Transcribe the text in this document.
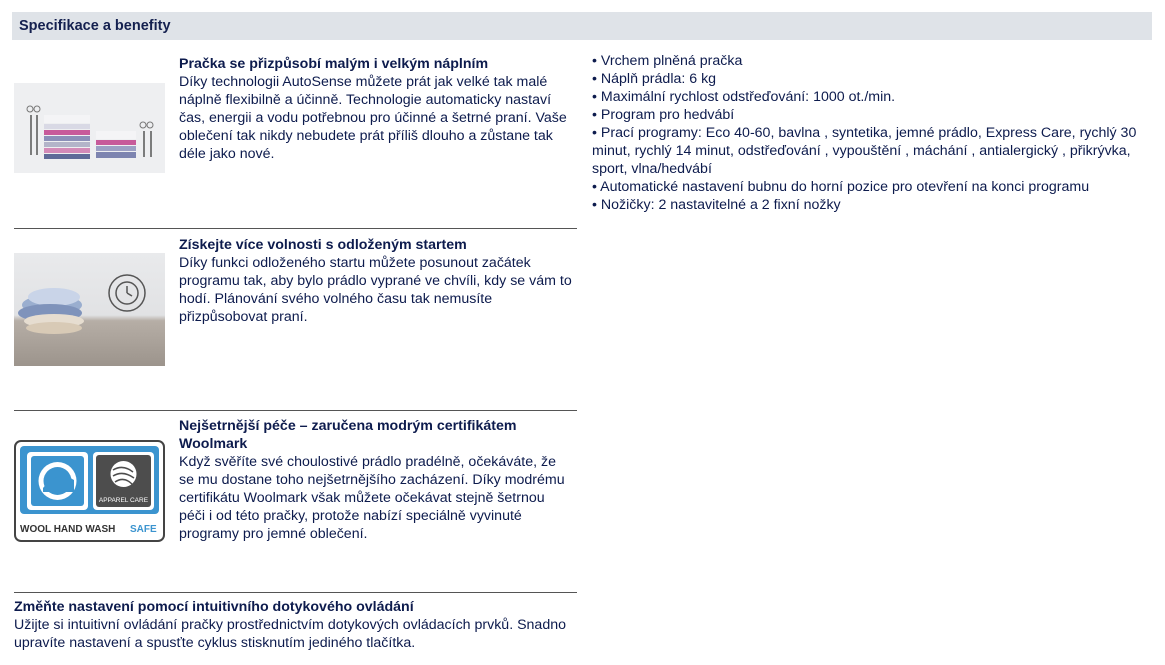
Specifikace a benefity
Pračka se přizpůsobí malým i velkým náplním
Díky technologii AutoSense můžete prát jak velké tak malé náplně flexibilně a účinně. Technologie automaticky nastaví čas, energii a vodu potřebnou pro účinné a šetrné praní. Vaše oblečení tak nikdy nebudete prát příliš dlouho a zůstane tak déle jako nové.
Získejte více volnosti s odloženým startem
Díky funkci odloženého startu můžete posunout začátek programu tak, aby bylo prádlo vyprané ve chvíli, kdy se vám to hodí. Plánování svého volného času tak nemusíte přizpůsobovat praní.
APPAREL CARE
WOOL HAND WASH SAFE
Nejšetrnější péče – zaručena modrým certifikátem Woolmark
Když svěříte své choulostivé prádlo pradélně, očekáváte, že se mu dostane toho nejšetrnějšího zacházení. Díky modrému certifikátu Woolmark však můžete očekávat stejně šetrnou péči i od této pračky, protože nabízí speciálně vyvinuté programy pro jemné oblečení.
Změňte nastavení pomocí intuitivního dotykového ovládání
Užijte si intuitivní ovládání pračky prostřednictvím dotykových ovládacích prvků. Snadno upravíte nastavení a spusťte cyklus stisknutím jediného tlačítka.
• Vrchem plněná pračka
• Náplň prádla: 6 kg
• Maximální rychlost odstřeďování: 1000 ot./min.
• Program pro hedvábí
• Prací programy: Eco 40-60, bavlna , syntetika, jemné prádlo, Express Care, rychlý 30 minut, rychlý 14 minut, odstřeďování , vypouštění , máchání , antialergický , přikrývka, sport, vlna/hedvábí
• Automatické nastavení bubnu do horní pozice pro otevření na konci programu
• Nožičky: 2 nastavitelné a 2 fixní nožky
